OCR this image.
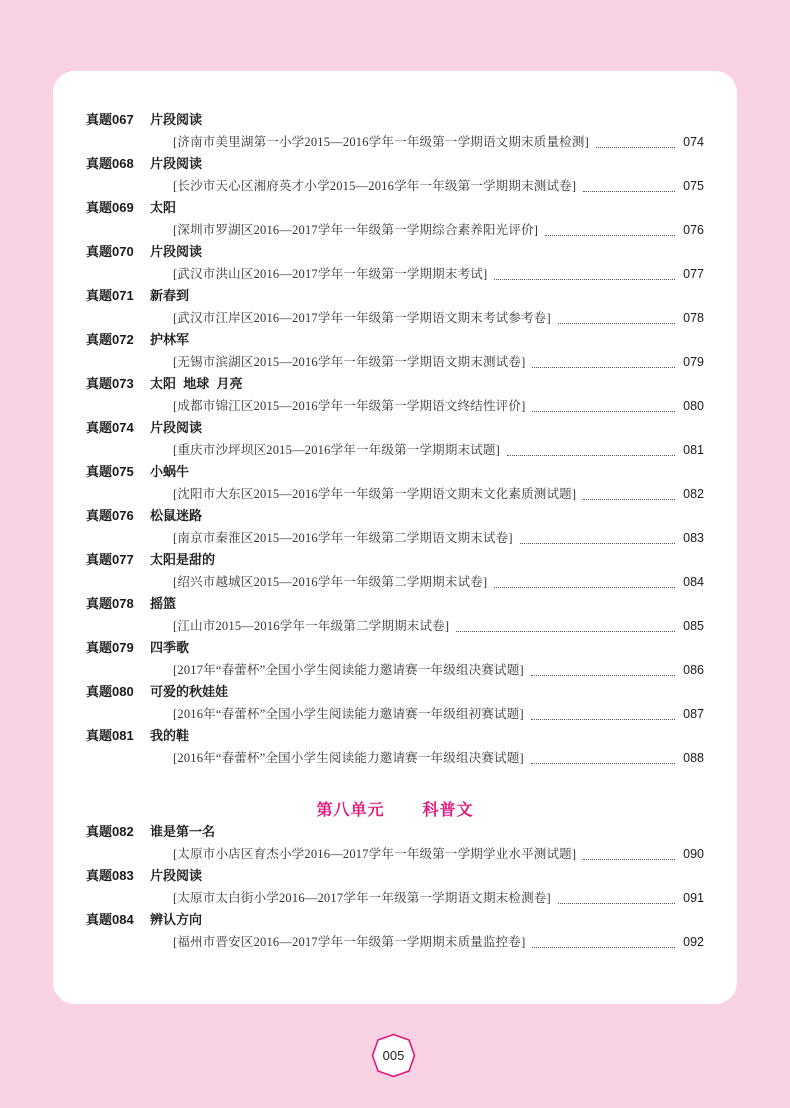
真题067 片段阅读
[济南市美里湖第一小学2015—2016学年一年级第一学期语文期末质量检测]	074
真题068 片段阅读
[长沙市天心区湘府英才小学2015—2016学年一年级第一学期期末测试卷]	075
真题069 太阳
[深圳市罗湖区2016—2017学年一年级第一学期综合素养阳光评价]	076
真题070 片段阅读
[武汉市洪山区2016—2017学年一年级第一学期期末考试]	077
真题071 新春到
[武汉市江岸区2016—2017学年一年级第一学期语文期末考试参考卷]	078
真题072 护林军
[无锡市滨湖区2015—2016学年一年级第一学期语文期末测试卷]	079
真题073 太阳  地球  月亮
[成都市锦江区2015—2016学年一年级第一学期语文终结性评价]	080
真题074 片段阅读
[重庆市沙坪坝区2015—2016学年一年级第一学期期末试题]	081
真题075 小蜗牛
[沈阳市大东区2015—2016学年一年级第一学期语文期末文化素质测试题]	082
真题076 松鼠迷路
[南京市秦淮区2015—2016学年一年级第二学期语文期末试卷]	083
真题077 太阳是甜的
[绍兴市越城区2015—2016学年一年级第二学期期末试卷]	084
真题078 摇篮
[江山市2015—2016学年一年级第二学期期末试卷]	085
真题079 四季歌
[2017年“春蕾杯”全国小学生阅读能力邀请赛一年级组决赛试题]	086
真题080 可爱的秋娃娃
[2016年“春蕾杯”全国小学生阅读能力邀请赛一年级组初赛试题]	087
真题081 我的鞋
[2016年“春蕾杯”全国小学生阅读能力邀请赛一年级组决赛试题]	088
第八单元  科普文
真题082 谁是第一名
[太原市小店区育杰小学2016—2017学年一年级第一学期学业水平测试题]	090
真题083 片段阅读
[太原市太白街小学2016—2017学年一年级第一学期语文期末检测卷]	091
真题084 辨认方向
[福州市晋安区2016—2017学年一年级第一学期期末质量监控卷]	092
005
